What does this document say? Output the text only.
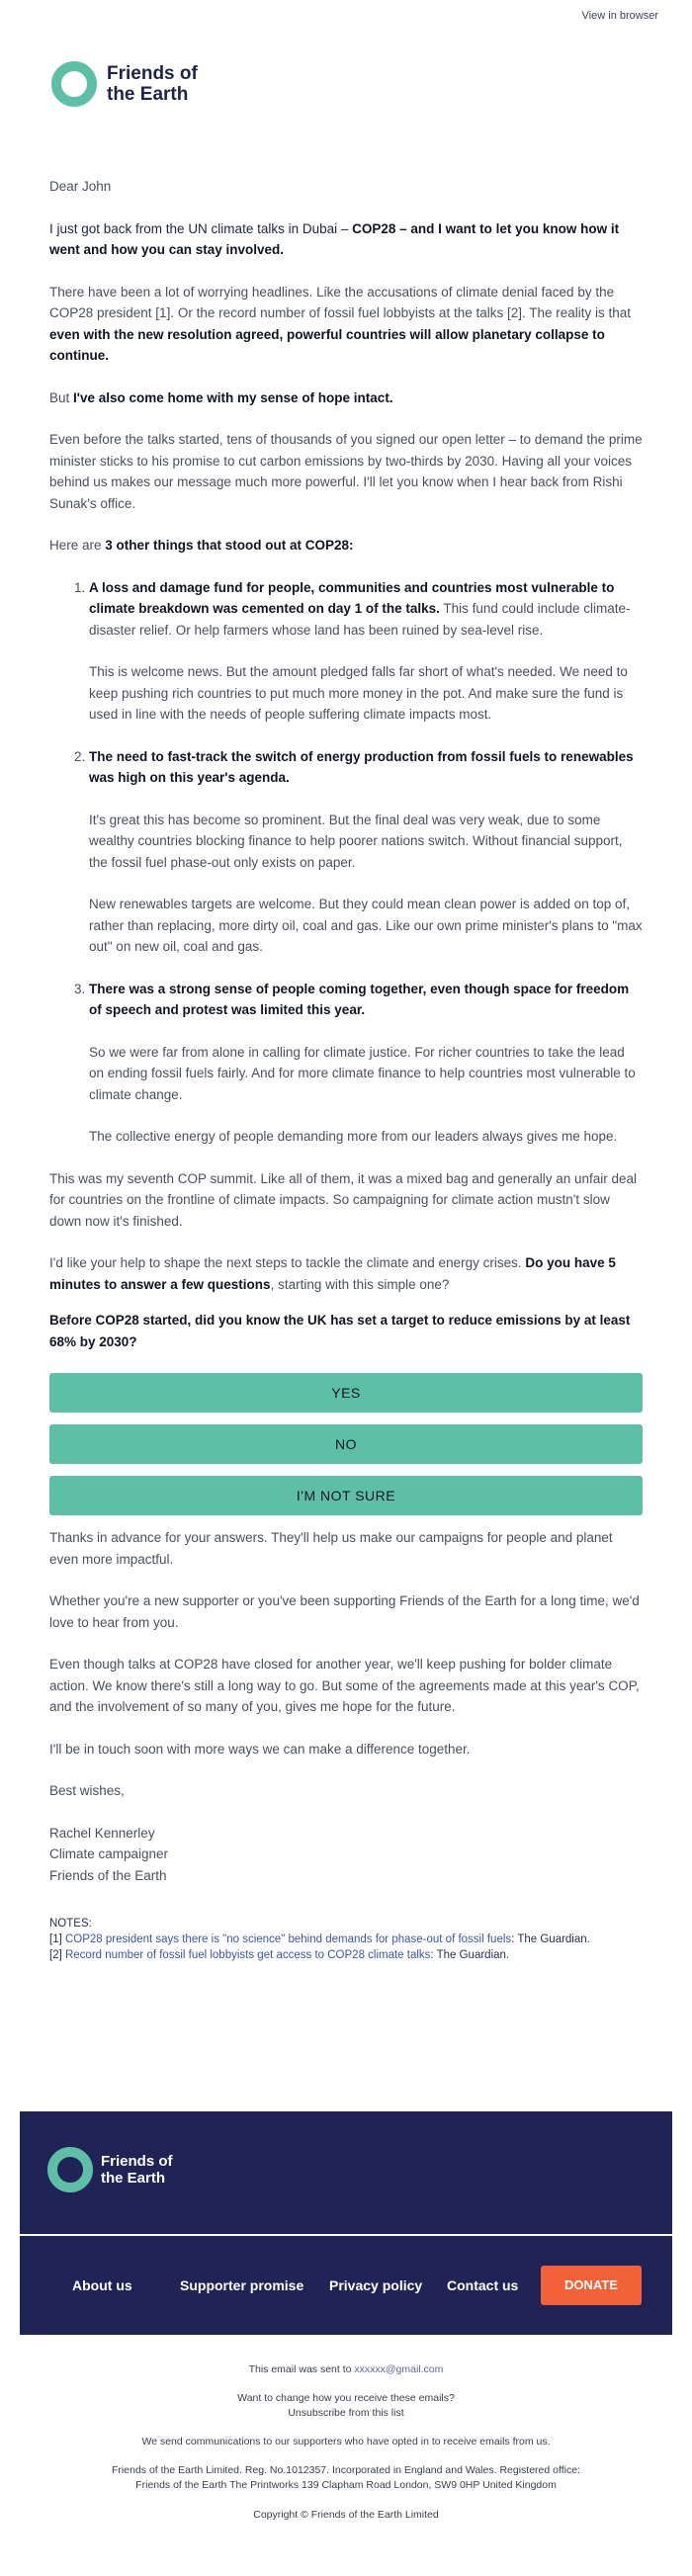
View in browser
Friends of
the Earth

Dear John

I just got back from the UN climate talks in Dubai – COP28 – and I want to let you know how it went and how you can stay involved.

There have been a lot of worrying headlines. Like the accusations of climate denial faced by the COP28 president [1]. Or the record number of fossil fuel lobbyists at the talks [2]. The reality is that even with the new resolution agreed, powerful countries will allow planetary collapse to continue.

But I've also come home with my sense of hope intact.

Even before the talks started, tens of thousands of you signed our open letter – to demand the prime minister sticks to his promise to cut carbon emissions by two-thirds by 2030. Having all your voices behind us makes our message much more powerful. I'll let you know when I hear back from Rishi Sunak's office.

Here are 3 other things that stood out at COP28:

1. A loss and damage fund for people, communities and countries most vulnerable to climate breakdown was cemented on day 1 of the talks. This fund could include climate-disaster relief. Or help farmers whose land has been ruined by sea-level rise.

This is welcome news. But the amount pledged falls far short of what's needed. We need to keep pushing rich countries to put much more money in the pot. And make sure the fund is used in line with the needs of people suffering climate impacts most.

2. The need to fast-track the switch of energy production from fossil fuels to renewables was high on this year's agenda.

It's great this has become so prominent. But the final deal was very weak, due to some wealthy countries blocking finance to help poorer nations switch. Without financial support, the fossil fuel phase-out only exists on paper.

New renewables targets are welcome. But they could mean clean power is added on top of, rather than replacing, more dirty oil, coal and gas. Like our own prime minister's plans to "max out" on new oil, coal and gas.

3. There was a strong sense of people coming together, even though space for freedom of speech and protest was limited this year.

So we were far from alone in calling for climate justice. For richer countries to take the lead on ending fossil fuels fairly. And for more climate finance to help countries most vulnerable to climate change.

The collective energy of people demanding more from our leaders always gives me hope.

This was my seventh COP summit. Like all of them, it was a mixed bag and generally an unfair deal for countries on the frontline of climate impacts. So campaigning for climate action mustn't slow down now it's finished.

I'd like your help to shape the next steps to tackle the climate and energy crises. Do you have 5 minutes to answer a few questions, starting with this simple one?

Before COP28 started, did you know the UK has set a target to reduce emissions by at least 68% by 2030?

YES
NO
I'M NOT SURE

Thanks in advance for your answers. They'll help us make our campaigns for people and planet even more impactful.

Whether you're a new supporter or you've been supporting Friends of the Earth for a long time, we'd love to hear from you.

Even though talks at COP28 have closed for another year, we'll keep pushing for bolder climate action. We know there's still a long way to go. But some of the agreements made at this year's COP, and the involvement of so many of you, gives me hope for the future.

I'll be in touch soon with more ways we can make a difference together.

Best wishes,

Rachel Kennerley
Climate campaigner
Friends of the Earth

NOTES:
[1] COP28 president says there is "no science" behind demands for phase-out of fossil fuels: The Guardian.
[2] Record number of fossil fuel lobbyists get access to COP28 climate talks: The Guardian.
Friends of
the Earth
About us	Supporter promise Privacy policy Contact us	DONATE
This email was sent to xxxxxx@gmail.com
Want to change how you receive these emails?
Unsubscribe from this list
We send communications to our supporters who have opted in to receive emails from us.
Friends of the Earth Limited. Reg. No.1012357. Incorporated in England and Wales. Registered office:
Friends of the Earth The Printworks 139 Clapham Road London, SW9 0HP United Kingdom
Copyright © Friends of the Earth Limited
